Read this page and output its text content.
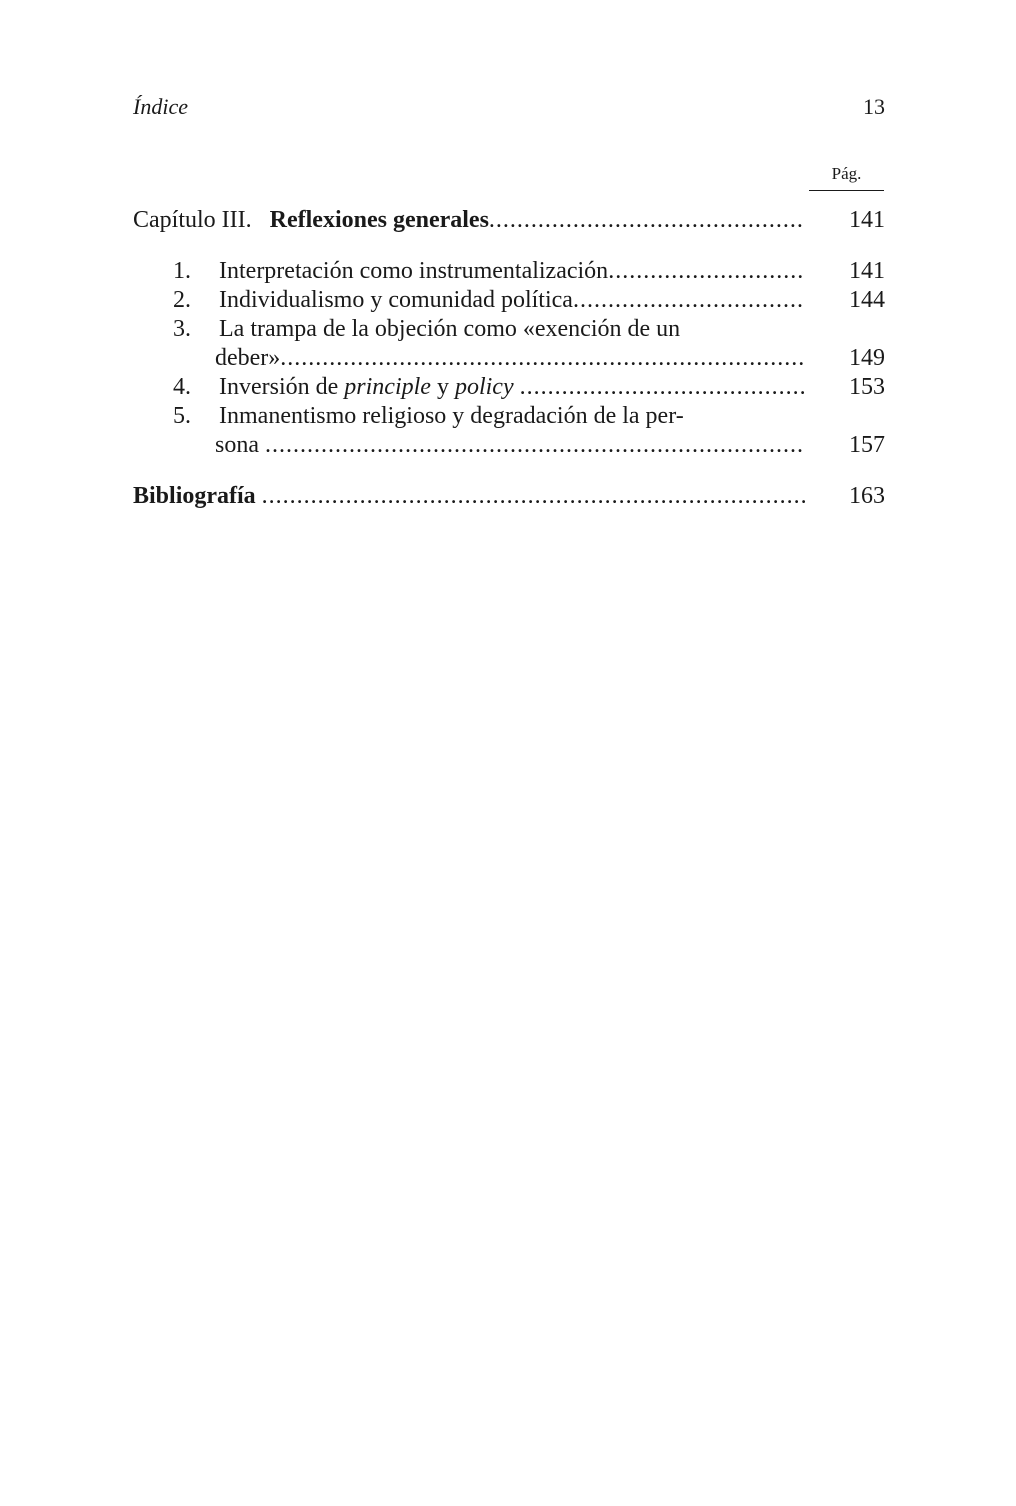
Índice	13
Pág.
Capítulo III. Reflexiones generales .....	141
1. Interpretación como instrumentalización .....	141
2. Individualismo y comunidad política .....	144
3. La trampa de la objeción como «exención de un
deber» .....	149
4. Inversión de principle y policy .....	153
5. Inmanentismo religioso y degradación de la per-
sona .....	157
Bibliografía .....	163
